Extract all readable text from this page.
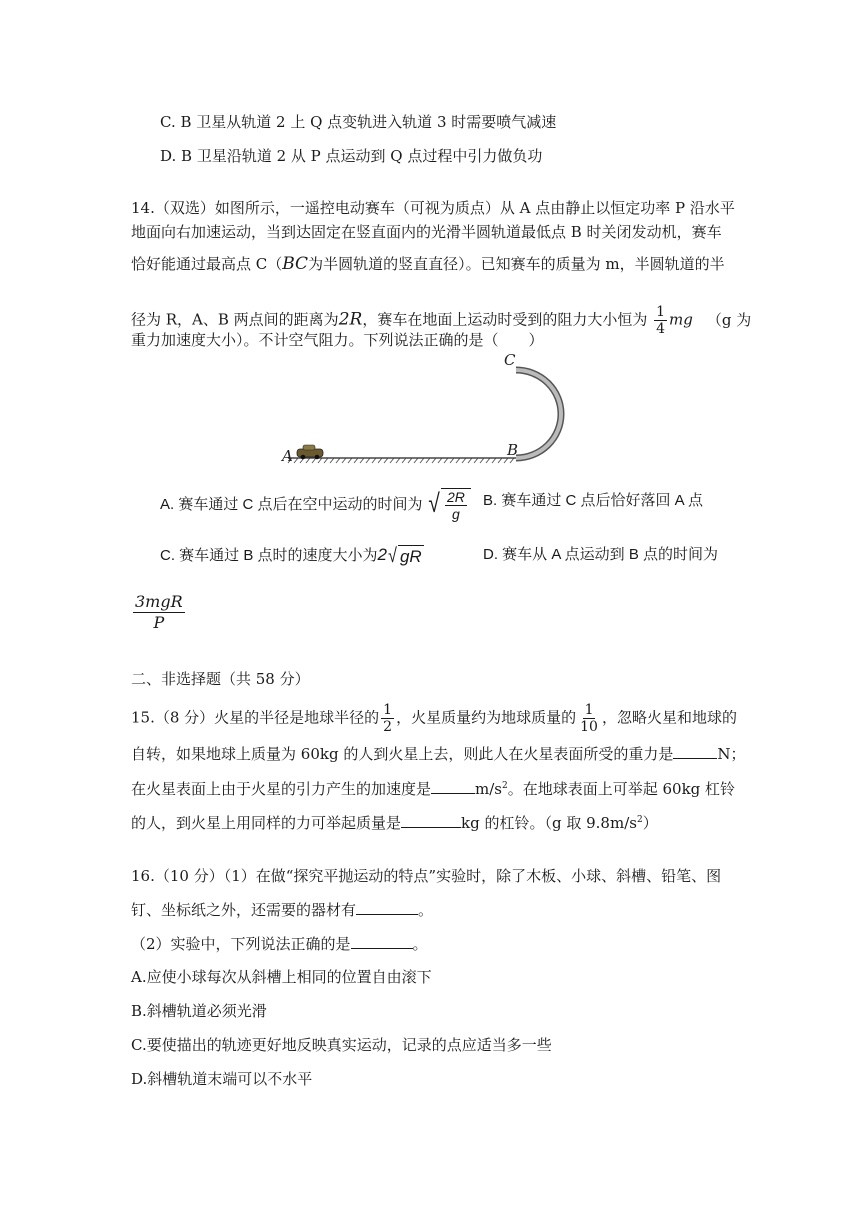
C. B 卫星从轨道 2 上 Q 点变轨进入轨道 3 时需要喷气减速
D. B 卫星沿轨道 2 从 P 点运动到 Q 点过程中引力做负功
14.（双选）如图所示，一遥控电动赛车（可视为质点）从 A 点由静止以恒定功率 P 沿水平
地面向右加速运动，当到达固定在竖直面内的光滑半圆轨道最低点 B 时关闭发动机，赛车
恰好能通过最高点 C（BC为半圆轨道的竖直直径）。已知赛车的质量为 m，半圆轨道的半
径为 R，A、B 两点间的距离为2R，赛车在地面上运动时受到的阻力大小恒为 $\frac{1}{4}$ mg （g 为
重力加速度大小）。不计空气阻力。下列说法正确的是（　　）
A	B
C
A. 赛车通过 C 点后在空中运动的时间为 √ $\frac{2R}{g} B$. 赛车通过 C 点后恰好落回 A 点
C. 赛车通过 B 点时的速度大小为2 √ gR	D. 赛车从 A 点运动到 B 点的时间为
$\frac{\text{3mgR}}{P}$
二、非选择题（共 58 分）
15.（8 分）火星的半径是地球半径的 $\frac{1}{2}$ ，火星质量约为地球质量的 $\frac{1}{10}$ ，忽略火星和地球的
自转，如果地球上质量为 60kg 的人到火星上去，则此人在火星表面所受的重力是	N；
在火星表面上由于火星的引力产生的加速度是	$m/s^2$。在地球表面上可举起 60kg 杠铃
的人，到火星上用同样的力可举起质量是	kg 的杠铃。（g 取 $9.8m/s^2$）
16.（10 分）（1）在做“探究平抛运动的特点”实验时，除了木板、小球、斜槽、铅笔、图
钉、坐标纸之外，还需要的器材有	。
（2）实验中，下列说法正确的是	。
A.应使小球每次从斜槽上相同的位置自由滚下
B.斜槽轨道必须光滑
C.要使描出的轨迹更好地反映真实运动，记录的点应适当多一些
D.斜槽轨道末端可以不水平
